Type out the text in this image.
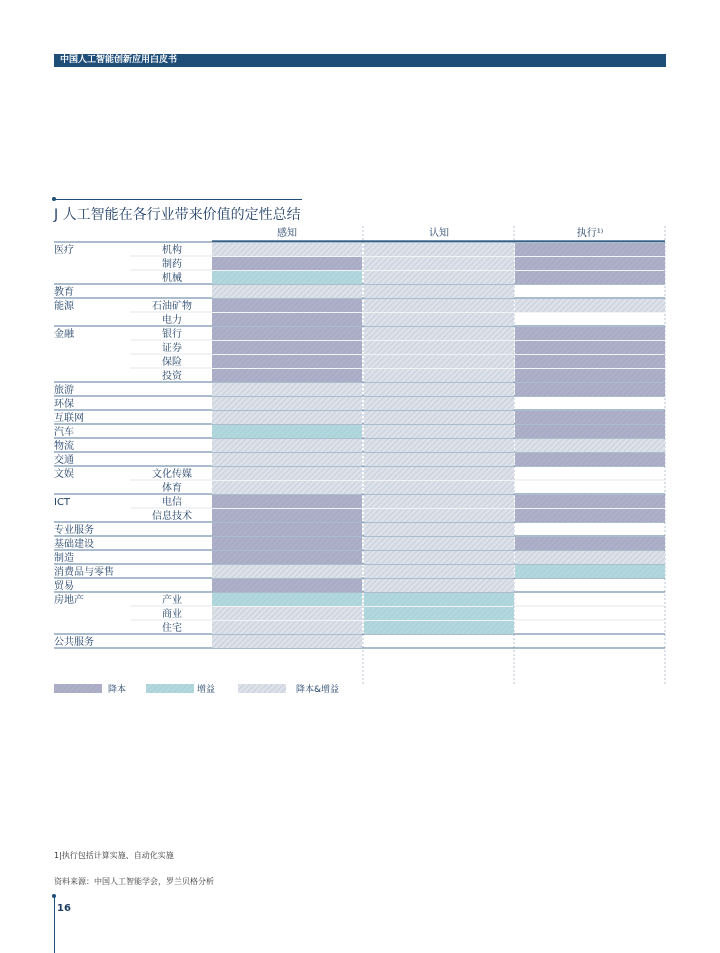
中国人工智能创新应用白皮书
J 人工智能在各行业带来价值的定性总结
感知	认知	执行¹⁾
医疗	机构
制药
机械
教育
能源	石油矿物
电力
金融	银行
证券
保险
投资
旅游
环保
互联网
汽车
物流
交通
文娱	文化传媒
体育
ICT	电信
信息技术
专业服务
基础建设
制造
消费品与零售
贸易
房地产	产业
商业
住宅
公共服务
降本	增益	降本&增益
1|执行包括计算实施、自动化实施
资料来源：中国人工智能学会，罗兰贝格分析
16
